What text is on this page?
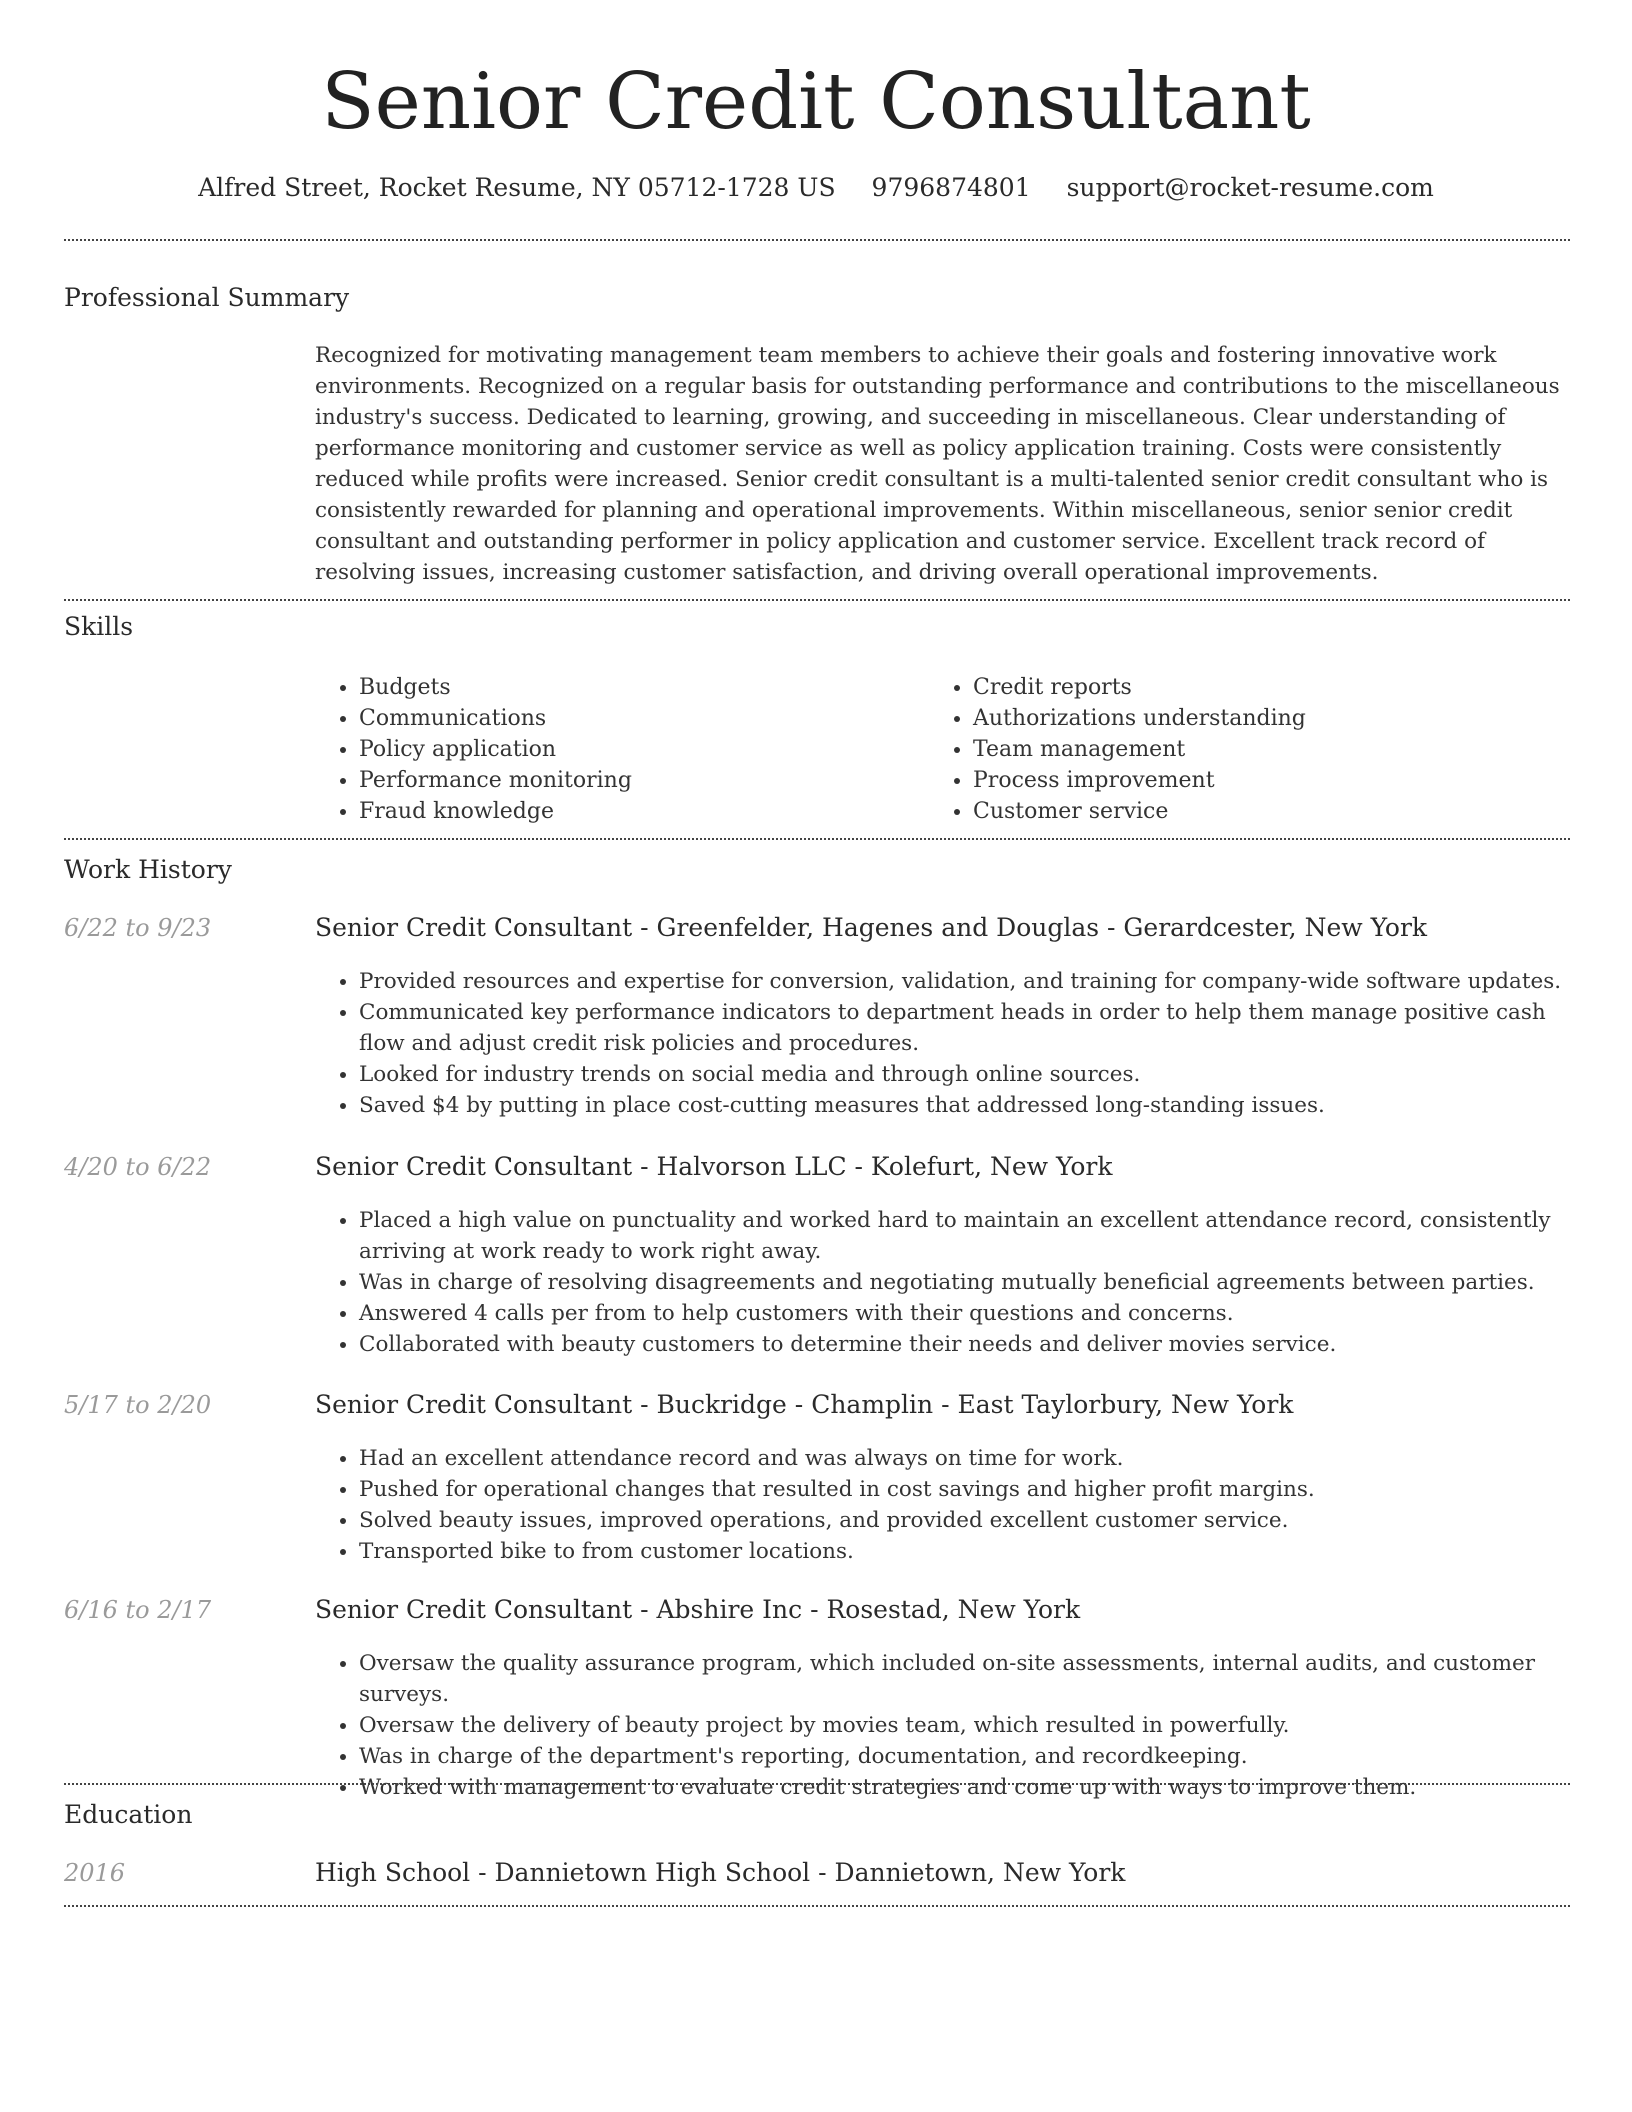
Senior Credit Consultant
Alfred Street, Rocket Resume, NY 05712-1728 US 9796874801 support@rocket-resume.com
Professional Summary
Recognized for motivating management team members to achieve their goals and fostering innovative work environments. Recognized on a regular basis for outstanding performance and contributions to the miscellaneous industry's success. Dedicated to learning, growing, and succeeding in miscellaneous. Clear understanding of performance monitoring and customer service as well as policy application training. Costs were consistently reduced while profits were increased. Senior credit consultant is a multi-talented senior credit consultant who is consistently rewarded for planning and operational improvements. Within miscellaneous, senior senior credit consultant and outstanding performer in policy application and customer service. Excellent track record of resolving issues, increasing customer satisfaction, and driving overall operational improvements.
Skills
• Budgets
• Communications
• Policy application
• Performance monitoring
• Fraud knowledge
• Credit reports
• Authorizations understanding
• Team management
• Process improvement
• Customer service
Work History
6/22 to 9/23	Senior Credit Consultant - Greenfelder, Hagenes and Douglas - Gerardcester, New York
• Provided resources and expertise for conversion, validation, and training for company-wide software updates.
• Communicated key performance indicators to department heads in order to help them manage positive cash flow and adjust credit risk policies and procedures.
• Looked for industry trends on social media and through online sources.
• Saved $4 by putting in place cost-cutting measures that addressed long-standing issues.
4/20 to 6/22	Senior Credit Consultant - Halvorson LLC - Kolefurt, New York
• Placed a high value on punctuality and worked hard to maintain an excellent attendance record, consistently arriving at work ready to work right away.
• Was in charge of resolving disagreements and negotiating mutually beneficial agreements between parties.
• Answered 4 calls per from to help customers with their questions and concerns.
• Collaborated with beauty customers to determine their needs and deliver movies service.
5/17 to 2/20	Senior Credit Consultant - Buckridge - Champlin - East Taylorbury, New York
• Had an excellent attendance record and was always on time for work.
• Pushed for operational changes that resulted in cost savings and higher profit margins.
• Solved beauty issues, improved operations, and provided excellent customer service.
• Transported bike to from customer locations.
6/16 to 2/17	Senior Credit Consultant - Abshire Inc - Rosestad, New York
• Oversaw the quality assurance program, which included on-site assessments, internal audits, and customer surveys.
• Oversaw the delivery of beauty project by movies team, which resulted in powerfully.
• Was in charge of the department's reporting, documentation, and recordkeeping.
• Worked with management to evaluate credit strategies and come up with ways to improve them.
Education
2016	High School - Dannietown High School - Dannietown, New York
